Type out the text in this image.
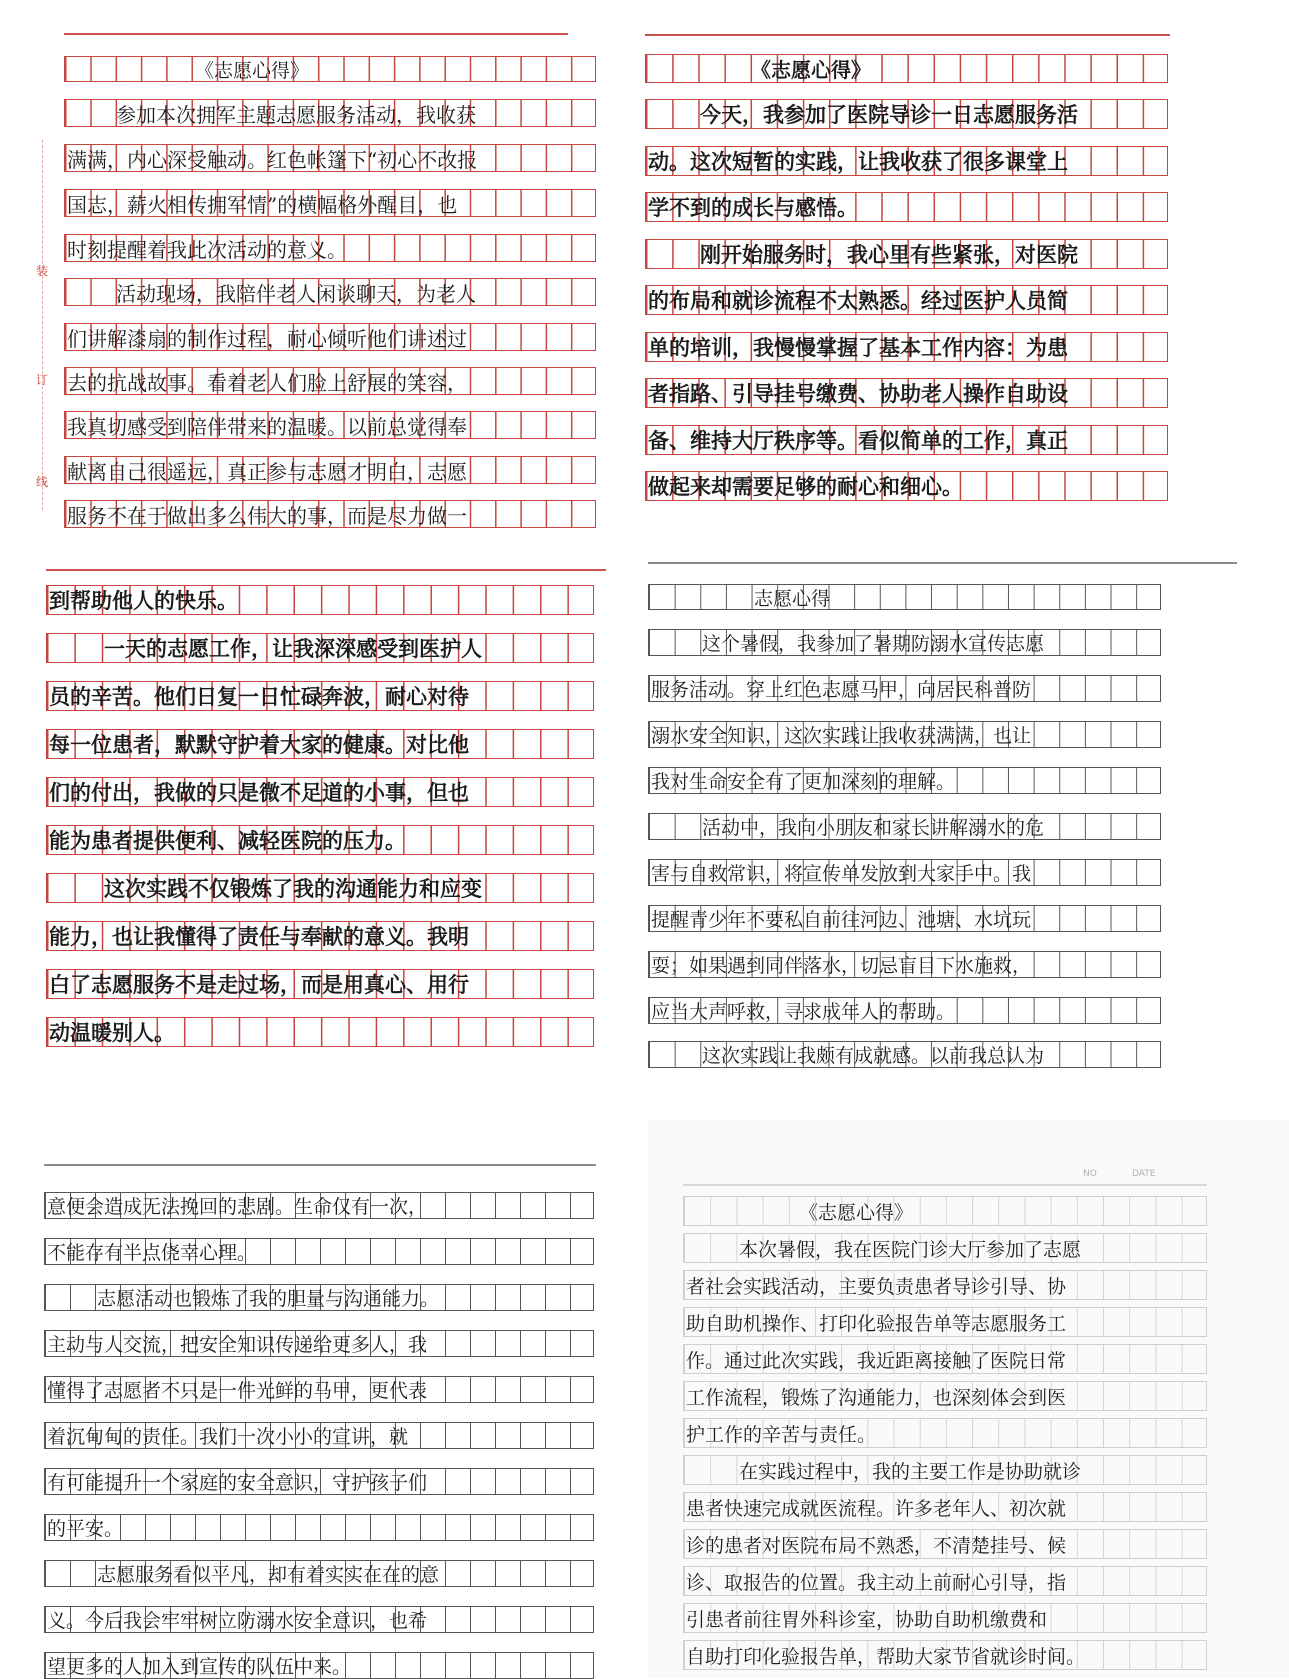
《志愿心得》
参加本次拥军主题志愿服务活动，我收获
满满，内心深受触动。红色帐篷下“初心不改报
国志，薪火相传拥军情”的横幅格外醒目，也
时刻提醒着我此次活动的意义。
活动现场，我陪伴老人闲谈聊天，为老人
们讲解漆扇的制作过程，耐心倾听他们讲述过
去的抗战故事。看着老人们脸上舒展的笑容，
我真切感受到陪伴带来的温暖。以前总觉得奉
献离自己很遥远，真正参与志愿才明白，志愿
服务不在于做出多么伟大的事，而是尽力做一
装
订
线
《志愿心得》
今天，我参加了医院导诊一日志愿服务活
动。这次短暂的实践，让我收获了很多课堂上
学不到的成长与感悟。
刚开始服务时，我心里有些紧张，对医院
的布局和就诊流程不太熟悉。经过医护人员简
单的培训，我慢慢掌握了基本工作内容：为患
者指路、引导挂号缴费、协助老人操作自助设
备、维持大厅秩序等。看似简单的工作，真正
做起来却需要足够的耐心和细心。
到帮助他人的快乐。
一天的志愿工作，让我深深感受到医护人
员的辛苦。他们日复一日忙碌奔波，耐心对待
每一位患者，默默守护着大家的健康。对比他
们的付出，我做的只是微不足道的小事，但也
能为患者提供便利、减轻医院的压力。
这次实践不仅锻炼了我的沟通能力和应变
能力，也让我懂得了责任与奉献的意义。我明
白了志愿服务不是走过场，而是用真心、用行
动温暖别人。
志愿心得
这个暑假，我参加了暑期防溺水宣传志愿
服务活动。穿上红色志愿马甲，向居民科普防
溺水安全知识，这次实践让我收获满满，也让
我对生命安全有了更加深刻的理解。
活动中，我向小朋友和家长讲解溺水的危
害与自救常识，将宣传单发放到大家手中。我
提醒青少年不要私自前往河边、池塘、水坑玩
耍；如果遇到同伴落水，切忌盲目下水施救，
应当大声呼救，寻求成年人的帮助。
这次实践让我颇有成就感。以前我总认为
意便会造成无法挽回的悲剧。生命仅有一次，
不能存有半点侥幸心理。
志愿活动也锻炼了我的胆量与沟通能力。
主动与人交流，把安全知识传递给更多人，我
懂得了志愿者不只是一件光鲜的马甲，更代表
着沉甸甸的责任。我们一次小小的宣讲，就
有可能提升一个家庭的安全意识，守护孩子们
的平安。
志愿服务看似平凡，却有着实实在在的意
义。今后我会牢牢树立防溺水安全意识，也希
望更多的人加入到宣传的队伍中来。
NO	DATE
《志愿心得》
本次暑假，我在医院门诊大厅参加了志愿
者社会实践活动，主要负责患者导诊引导、协
助自助机操作、打印化验报告单等志愿服务工
作。通过此次实践，我近距离接触了医院日常
工作流程，锻炼了沟通能力，也深刻体会到医
护工作的辛苦与责任。
在实践过程中，我的主要工作是协助就诊
患者快速完成就医流程。许多老年人、初次就
诊的患者对医院布局不熟悉，不清楚挂号、候
诊、取报告的位置。我主动上前耐心引导，指
引患者前往胃外科诊室，协助自助机缴费和
自助打印化验报告单，帮助大家节省就诊时间。
